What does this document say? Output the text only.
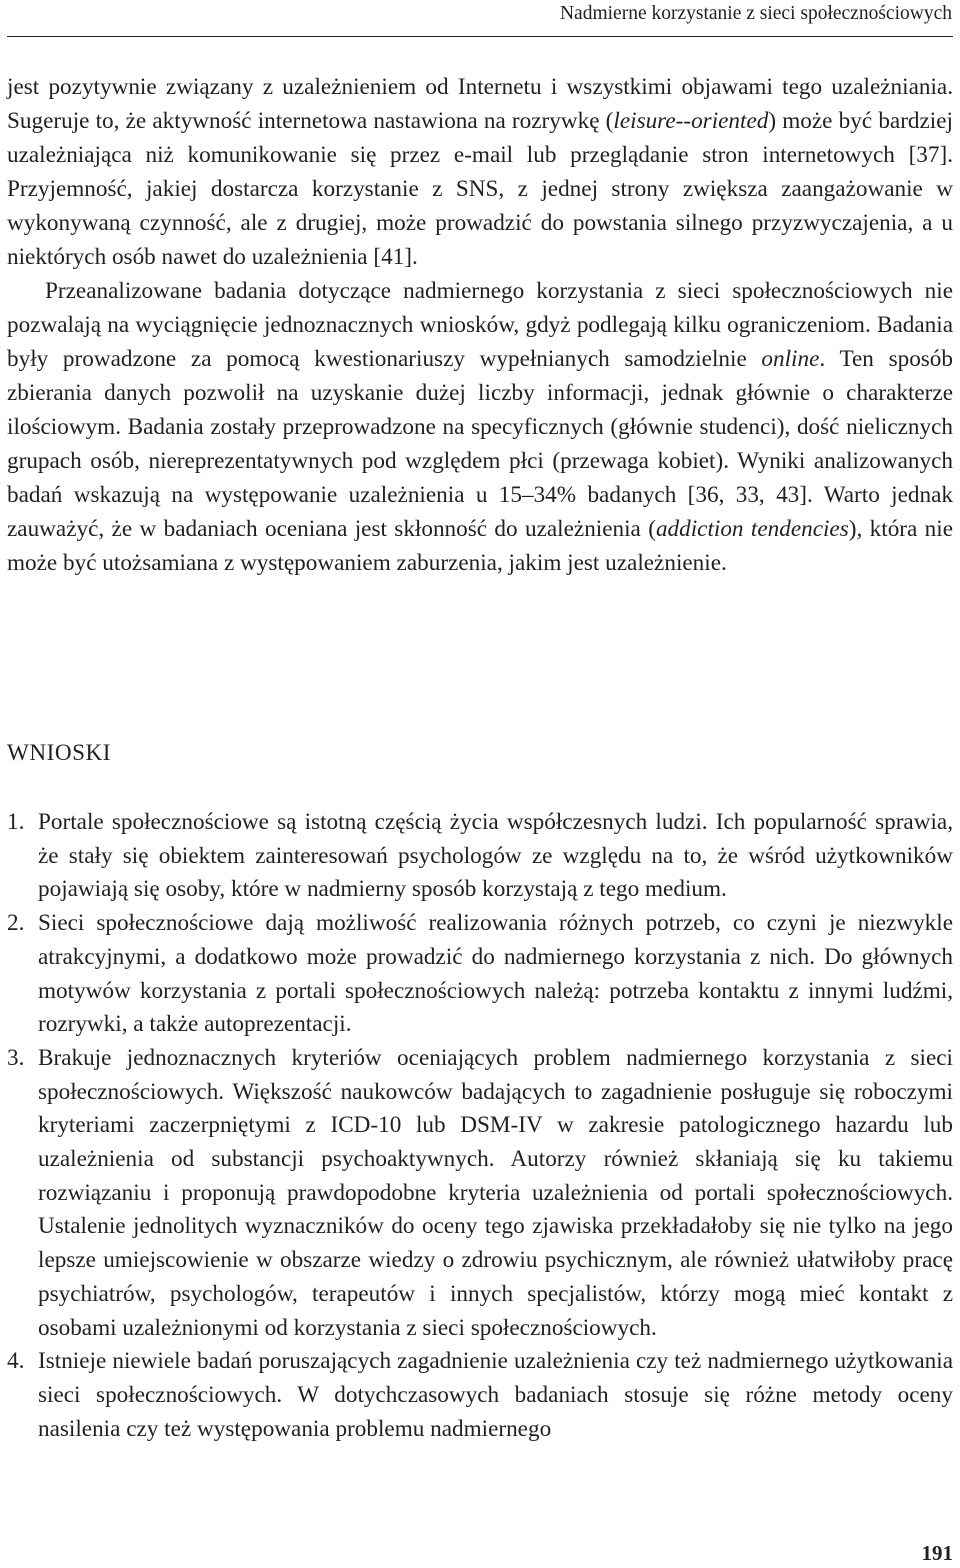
Nadmierne korzystanie z sieci społecznościowych

jest pozytywnie związany z uzależnieniem od Internetu i wszystkimi objawami tego uzależniania. Sugeruje to, że aktywność internetowa nastawiona na rozrywkę (leisure--oriented) może być bardziej uzależniająca niż komunikowanie się przez e-mail lub przeglądanie stron internetowych [37]. Przyjemność, jakiej dostarcza korzystanie z SNS, z jednej strony zwiększa zaangażowanie w wykonywaną czynność, ale z drugiej, może prowadzić do powstania silnego przyzwyczajenia, a u niektórych osób nawet do uzależnienia [41].

Przeanalizowane badania dotyczące nadmiernego korzystania z sieci społecznościowych nie pozwalają na wyciągnięcie jednoznacznych wniosków, gdyż podlegają kilku ograniczeniom. Badania były prowadzone za pomocą kwestionariuszy wypełnianych samodzielnie online. Ten sposób zbierania danych pozwolił na uzyskanie dużej liczby informacji, jednak głównie o charakterze ilościowym. Badania zostały przeprowadzone na specyficznych (głównie studenci), dość nielicznych grupach osób, niereprezentatywnych pod względem płci (przewaga kobiet). Wyniki analizowanych badań wskazują na występowanie uzależnienia u 15–34% badanych [36, 33, 43]. Warto jednak zauważyć, że w badaniach oceniana jest skłonność do uzależnienia (addiction tendencies), która nie może być utożsamiana z występowaniem zaburzenia, jakim jest uzależnienie.

WNIOSKI
1. Portale społecznościowe są istotną częścią życia współczesnych ludzi. Ich popularność sprawia, że stały się obiektem zainteresowań psychologów ze względu na to, że wśród użytkowników pojawiają się osoby, które w nadmierny sposób korzystają z tego medium.
2. Sieci społecznościowe dają możliwość realizowania różnych potrzeb, co czyni je niezwykle atrakcyjnymi, a dodatkowo może prowadzić do nadmiernego korzystania z nich. Do głównych motywów korzystania z portali społecznościowych należą: potrzeba kontaktu z innymi ludźmi, rozrywki, a także autoprezentacji.
3. Brakuje jednoznacznych kryteriów oceniających problem nadmiernego korzystania z sieci społecznościowych. Większość naukowców badających to zagadnienie posługuje się roboczymi kryteriami zaczerpniętymi z ICD-10 lub DSM-IV w zakresie patologicznego hazardu lub uzależnienia od substancji psychoaktywnych. Autorzy również skłaniają się ku takiemu rozwiązaniu i proponują prawdopodobne kryteria uzależnienia od portali społecznościowych. Ustalenie jednolitych wyznaczników do oceny tego zjawiska przekładałoby się nie tylko na jego lepsze umiejscowienie w obszarze wiedzy o zdrowiu psychicznym, ale również ułatwiłoby pracę psychiatrów, psychologów, terapeutów i innych specjalistów, którzy mogą mieć kontakt z osobami uzależnionymi od korzystania z sieci społecznościowych.
4. Istnieje niewiele badań poruszających zagadnienie uzależnienia czy też nadmiernego użytkowania sieci społecznościowych. W dotychczasowych badaniach stosuje się różne metody oceny nasilenia czy też występowania problemu nadmiernego
191
